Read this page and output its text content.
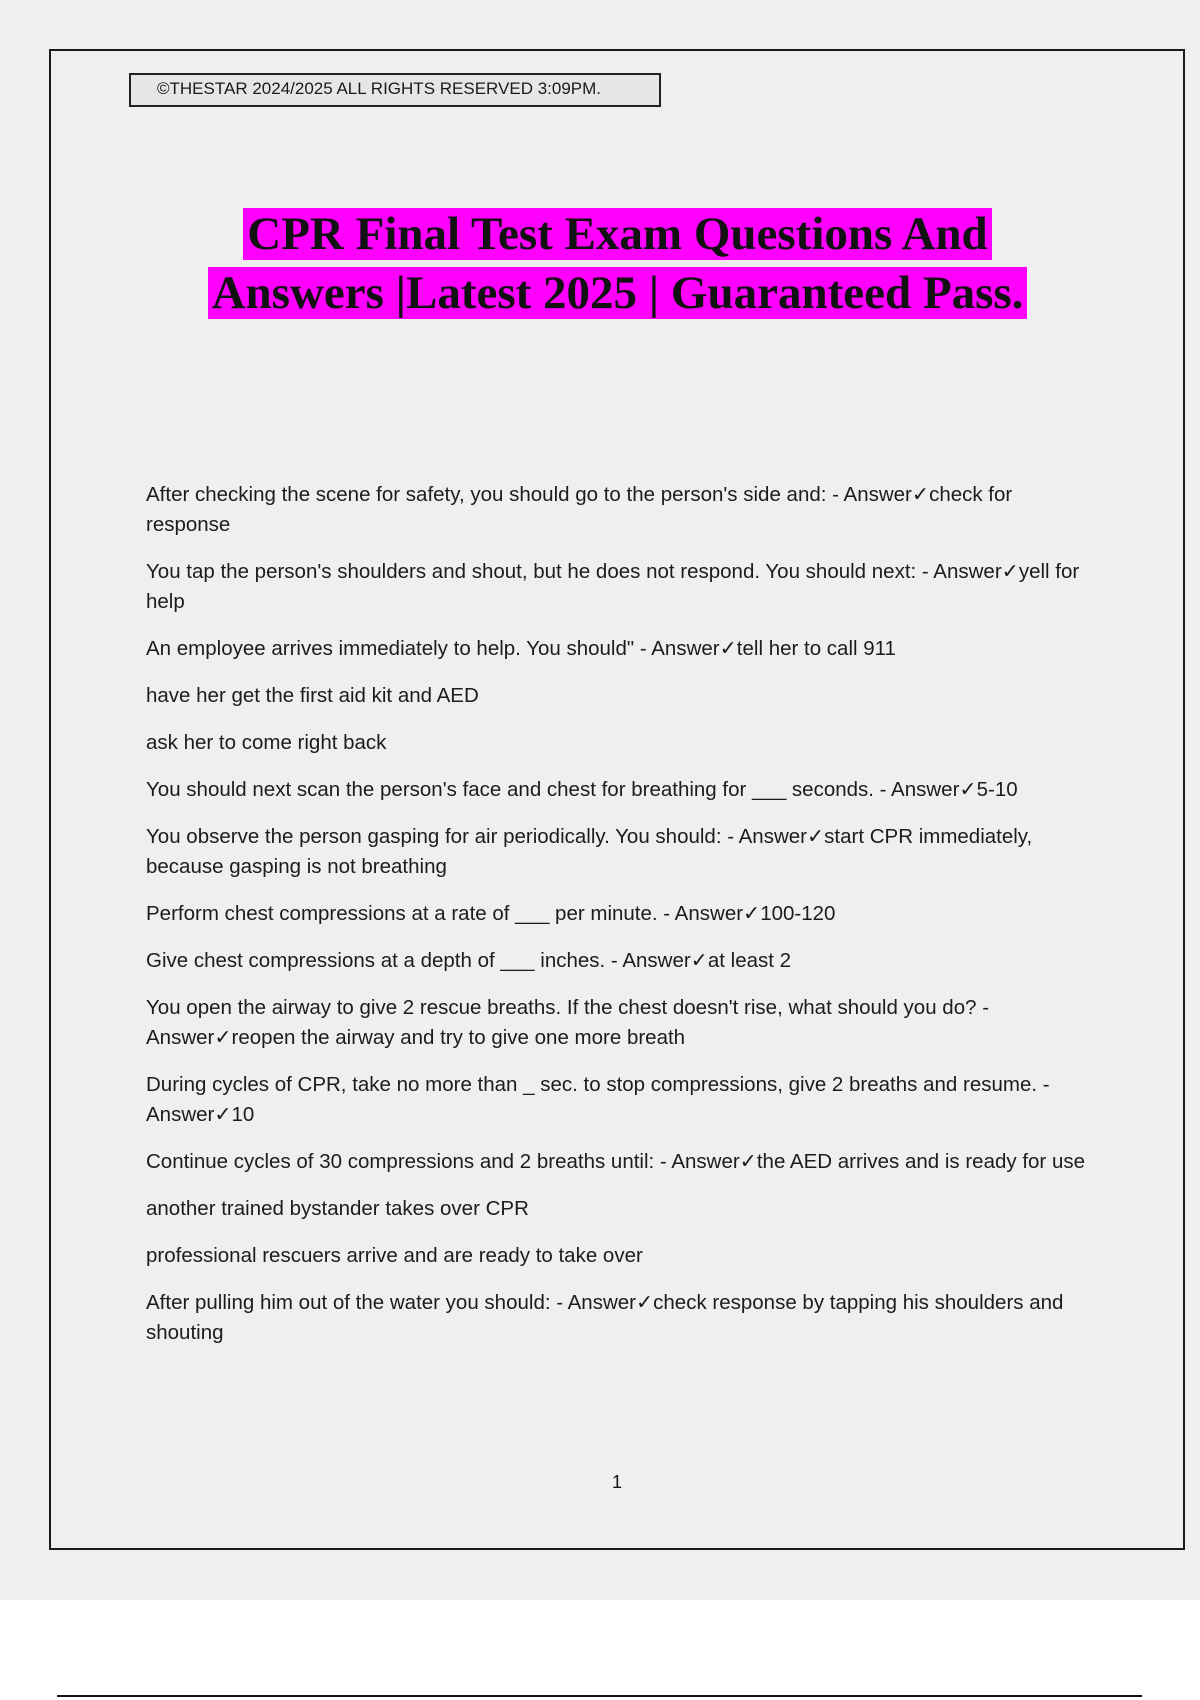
©THESTAR 2024/2025 ALL RIGHTS RESERVED 3:09PM.
CPR Final Test Exam Questions And
Answers |Latest 2025 | Guaranteed Pass.
After checking the scene for safety, you should go to the person's side and: - Answer✓check for response
You tap the person's shoulders and shout, but he does not respond. You should next: - Answer✓yell for help
An employee arrives immediately to help. You should" - Answer✓tell her to call 911
have her get the first aid kit and AED
ask her to come right back
You should next scan the person's face and chest for breathing for ___ seconds. - Answer✓5-10
You observe the person gasping for air periodically. You should: - Answer✓start CPR immediately, because gasping is not breathing
Perform chest compressions at a rate of ___ per minute. - Answer✓100-120
Give chest compressions at a depth of ___ inches. - Answer✓at least 2
You open the airway to give 2 rescue breaths. If the chest doesn't rise, what should you do? - Answer✓reopen the airway and try to give one more breath
During cycles of CPR, take no more than _ sec. to stop compressions, give 2 breaths and resume. - Answer✓10
Continue cycles of 30 compressions and 2 breaths until: - Answer✓the AED arrives and is ready for use
another trained bystander takes over CPR
professional rescuers arrive and are ready to take over
After pulling him out of the water you should: - Answer✓check response by tapping his shoulders and shouting
1
